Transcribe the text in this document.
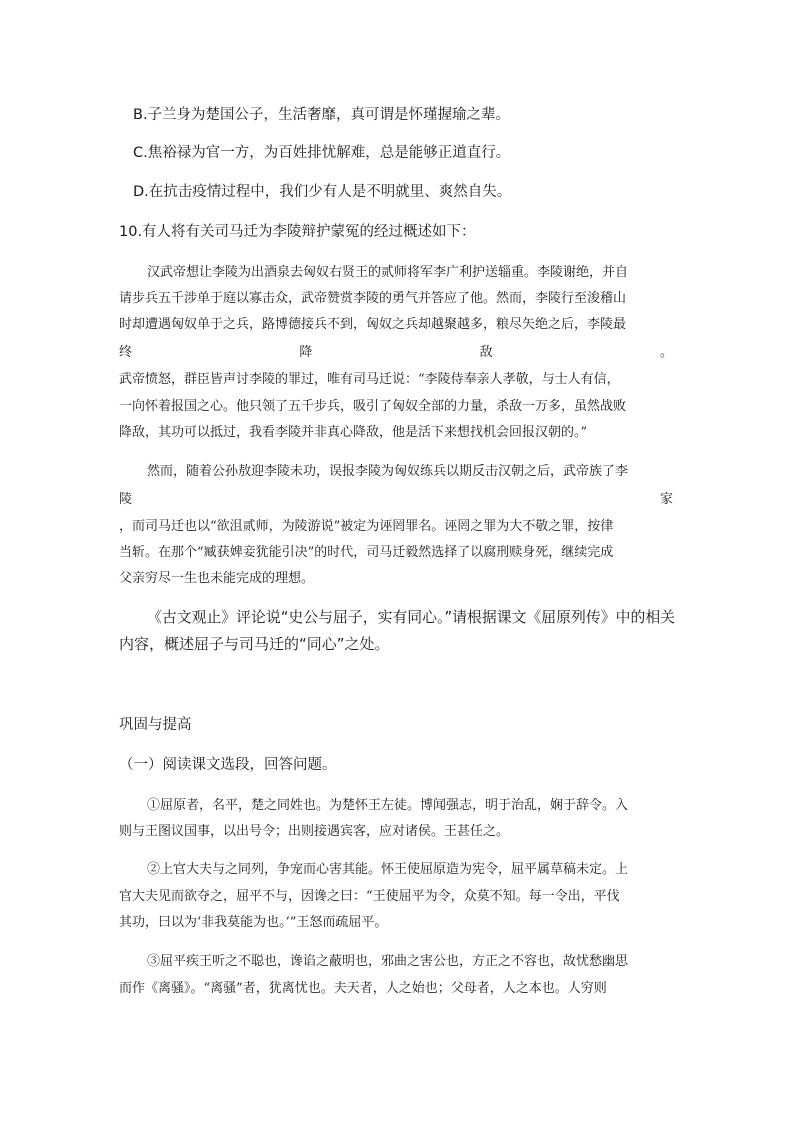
B.子兰身为楚国公子，生活奢靡，真可谓是怀瑾握瑜之辈。
C.焦裕禄为官一方，为百姓排忧解难，总是能够正道直行。
D.在抗击疫情过程中，我们少有人是不明就里、爽然自失。
10.有人将有关司马迁为李陵辩护蒙冤的经过概述如下：
汉武帝想让李陵为出酒泉去匈奴右贤王的贰师将军李广利护送辎重。李陵谢绝，并自
请步兵五千涉单于庭以寡击众，武帝赞赏李陵的勇气并答应了他。然而，李陵行至浚稽山
时却遭遇匈奴单于之兵，路博德接兵不到，匈奴之兵却越聚越多，粮尽矢绝之后，李陵最
终	降	敌	。
武帝愤怒，群臣皆声讨李陵的罪过，唯有司马迁说：“李陵侍奉亲人孝敬，与士人有信，
一向怀着报国之心。他只领了五千步兵，吸引了匈奴全部的力量，杀敌一万多，虽然战败
降敌，其功可以抵过，我看李陵并非真心降敌，他是活下来想找机会回报汉朝的。”
然而，随着公孙敖迎李陵未功，误报李陵为匈奴练兵以期反击汉朝之后，武帝族了李
陵	家
，而司马迁也以“欲沮贰师，为陵游说”被定为诬罔罪名。诬罔之罪为大不敬之罪，按律
当斩。在那个“臧获婢妾犹能引决”的时代，司马迁毅然选择了以腐刑赎身死，继续完成
父亲穷尽一生也未能完成的理想。
《古文观止》评论说“史公与屈子，实有同心。”请根据课文《屈原列传》中的相关
内容，概述屈子与司马迁的“同心”之处。
巩固与提高
（一）阅读课文选段，回答问题。
①屈原者，名平，楚之同姓也。为楚怀王左徒。博闻强志，明于治乱，娴于辞令。入
则与王图议国事，以出号令；出则接遇宾客，应对诸侯。王甚任之。
②上官大夫与之同列，争宠而心害其能。怀王使屈原造为宪令，屈平属草稿未定。上
官大夫见而欲夺之，屈平不与，因谗之曰：“王使屈平为令，众莫不知。每一令出，平伐
其功，曰以为‘非我莫能为也。’”王怒而疏屈平。
③屈平疾王听之不聪也，谗谄之蔽明也，邪曲之害公也，方正之不容也，故忧愁幽思
而作《离骚》。“离骚”者，犹离忧也。夫天者，人之始也；父母者，人之本也。人穷则
